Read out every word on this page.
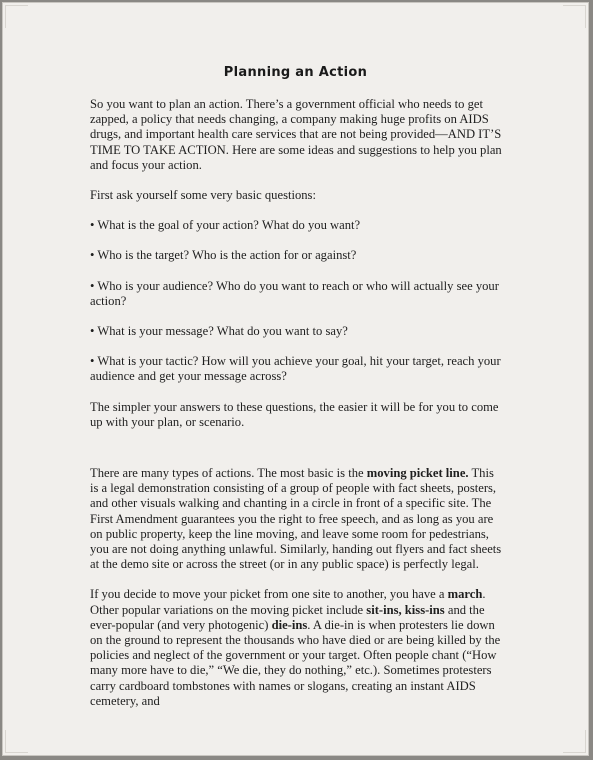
Planning an Action

So you want to plan an action. There’s a government official who needs to get zapped, a policy that needs changing, a company making huge profits on AIDS drugs, and important health care services that are not being provided—AND IT’S TIME TO TAKE ACTION. Here are some ideas and suggestions to help you plan and focus your action.

First ask yourself some very basic questions:

• What is the goal of your action? What do you want?

• Who is the target? Who is the action for or against?

• Who is your audience? Who do you want to reach or who will actually see your action?

• What is your message? What do you want to say?

• What is your tactic? How will you achieve your goal, hit your target, reach your audience and get your message across?

The simpler your answers to these questions, the easier it will be for you to come up with your plan, or scenario.

There are many types of actions. The most basic is the moving picket line. This is a legal demonstration consisting of a group of people with fact sheets, posters, and other visuals walking and chanting in a circle in front of a specific site. The First Amendment guarantees you the right to free speech, and as long as you are on public property, keep the line moving, and leave some room for pedestrians, you are not doing anything unlawful. Similarly, handing out flyers and fact sheets at the demo site or across the street (or in any public space) is perfectly legal.

If you decide to move your picket from one site to another, you have a march. Other popular variations on the moving picket include sit-ins, kiss-ins and the ever-popular (and very photogenic) die-ins. A die-in is when protesters lie down on the ground to represent the thousands who have died or are being killed by the policies and neglect of the government or your target. Often people chant (“How many more have to die,” “We die, they do nothing,” etc.). Sometimes protesters carry cardboard tombstones with names or slogans, creating an instant AIDS cemetery, and
